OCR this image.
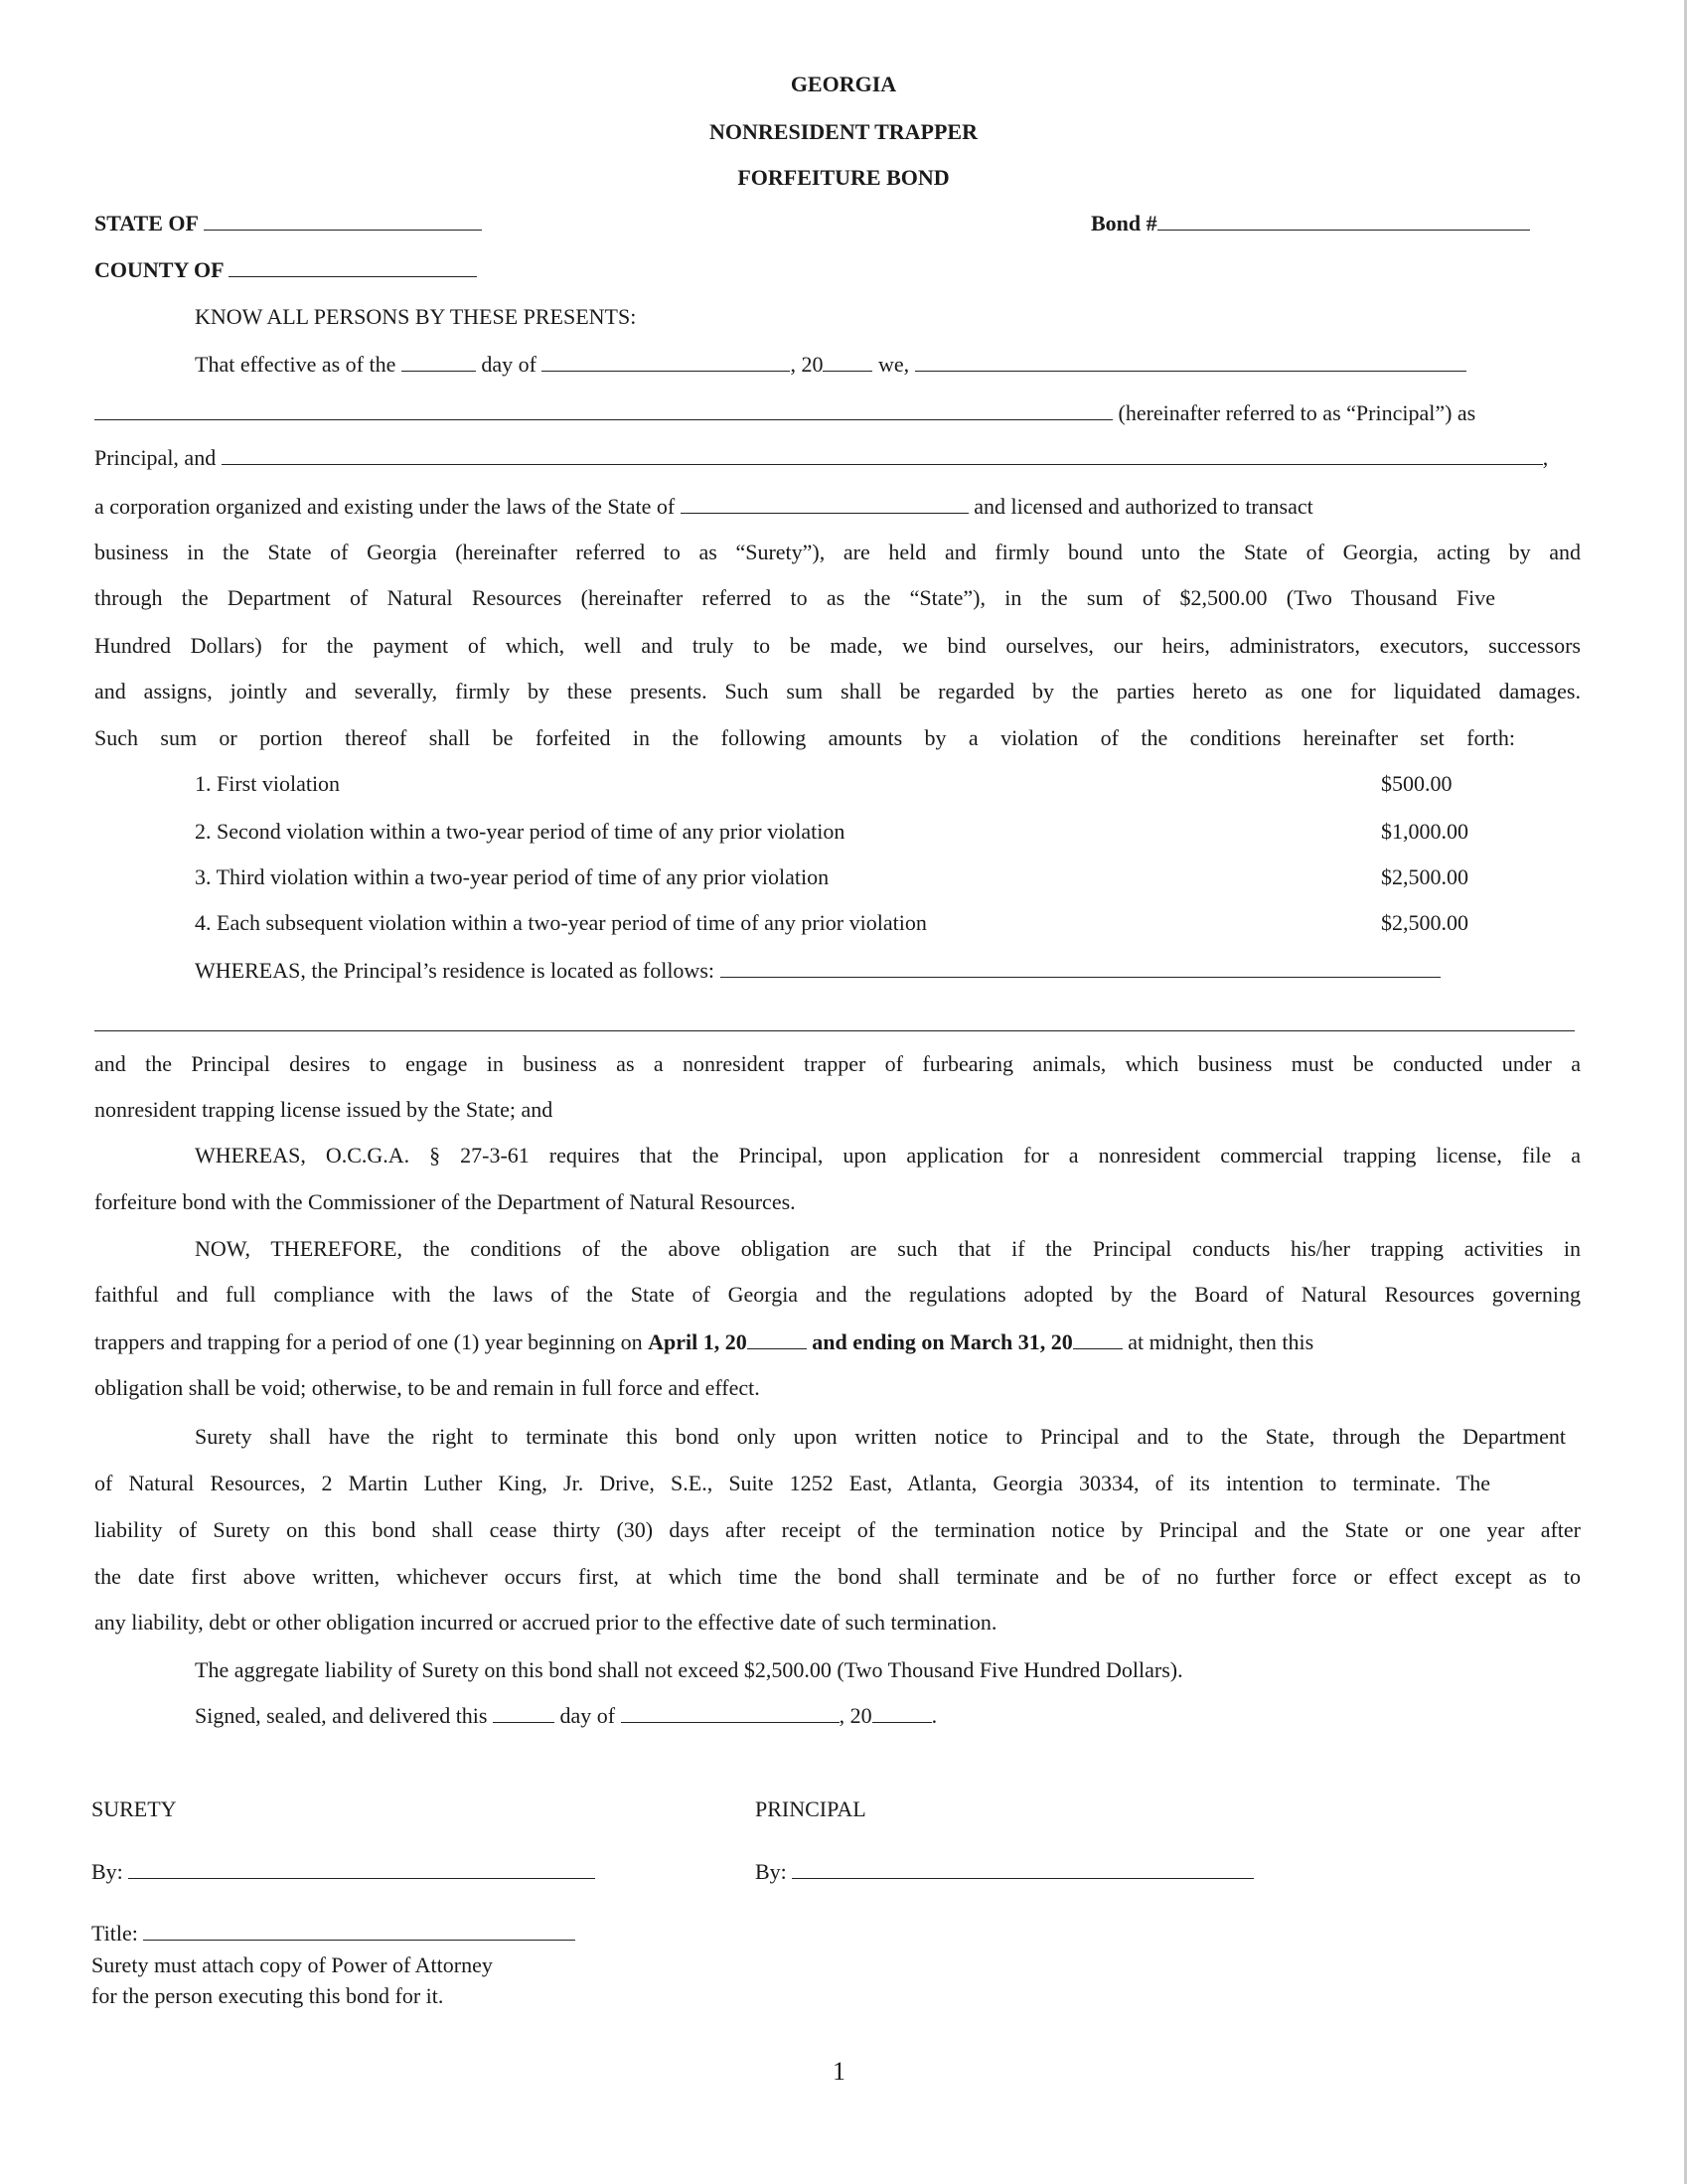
GEORGIA
NONRESIDENT TRAPPER
FORFEITURE BOND
STATE OF	Bond #
COUNTY OF
KNOW ALL PERSONS BY THESE PRESENTS:
That effective as of the	day of	, 20	we,
(hereinafter referred to as “Principal”) as
Principal, and	,
a corporation organized and existing under the laws of the State of	and licensed and authorized to transact
business in the State of Georgia (hereinafter referred to as “Surety”), are held and firmly bound unto the State of Georgia, acting by and
through the Department of Natural Resources (hereinafter referred to as the “State”), in the sum of $2,500.00 (Two Thousand Five
Hundred Dollars) for the payment of which, well and truly to be made, we bind ourselves, our heirs, administrators, executors, successors
and assigns, jointly and severally, firmly by these presents. Such sum shall be regarded by the parties hereto as one for liquidated damages.
Such sum or portion thereof shall be forfeited in the following amounts by a violation of the conditions hereinafter set forth:
1. First violation	$500.00
2. Second violation within a two-year period of time of any prior violation	$1,000.00
3. Third violation within a two-year period of time of any prior violation	$2,500.00
4. Each subsequent violation within a two-year period of time of any prior violation	$2,500.00
WHEREAS, the Principal’s residence is located as follows:
and the Principal desires to engage in business as a nonresident trapper of furbearing animals, which business must be conducted under a
nonresident trapping license issued by the State; and
WHEREAS, O.C.G.A. § 27-3-61 requires that the Principal, upon application for a nonresident commercial trapping license, file a
forfeiture bond with the Commissioner of the Department of Natural Resources.
NOW, THEREFORE, the conditions of the above obligation are such that if the Principal conducts his/her trapping activities in
faithful and full compliance with the laws of the State of Georgia and the regulations adopted by the Board of Natural Resources governing
trappers and trapping for a period of one (1) year beginning on April 1, 20	and ending on March 31, 20	at midnight, then this
obligation shall be void; otherwise, to be and remain in full force and effect.
Surety shall have the right to terminate this bond only upon written notice to Principal and to the State, through the Department
of Natural Resources, 2 Martin Luther King, Jr. Drive, S.E., Suite 1252 East, Atlanta, Georgia 30334, of its intention to terminate. The
liability of Surety on this bond shall cease thirty (30) days after receipt of the termination notice by Principal and the State or one year after
the date first above written, whichever occurs first, at which time the bond shall terminate and be of no further force or effect except as to
any liability, debt or other obligation incurred or accrued prior to the effective date of such termination.
The aggregate liability of Surety on this bond shall not exceed $2,500.00 (Two Thousand Five Hundred Dollars).
Signed, sealed, and delivered this	day of	, 20	.
SURETY	PRINCIPAL
By:	By:
Title:
Surety must attach copy of Power of Attorney
for the person executing this bond for it.
1
